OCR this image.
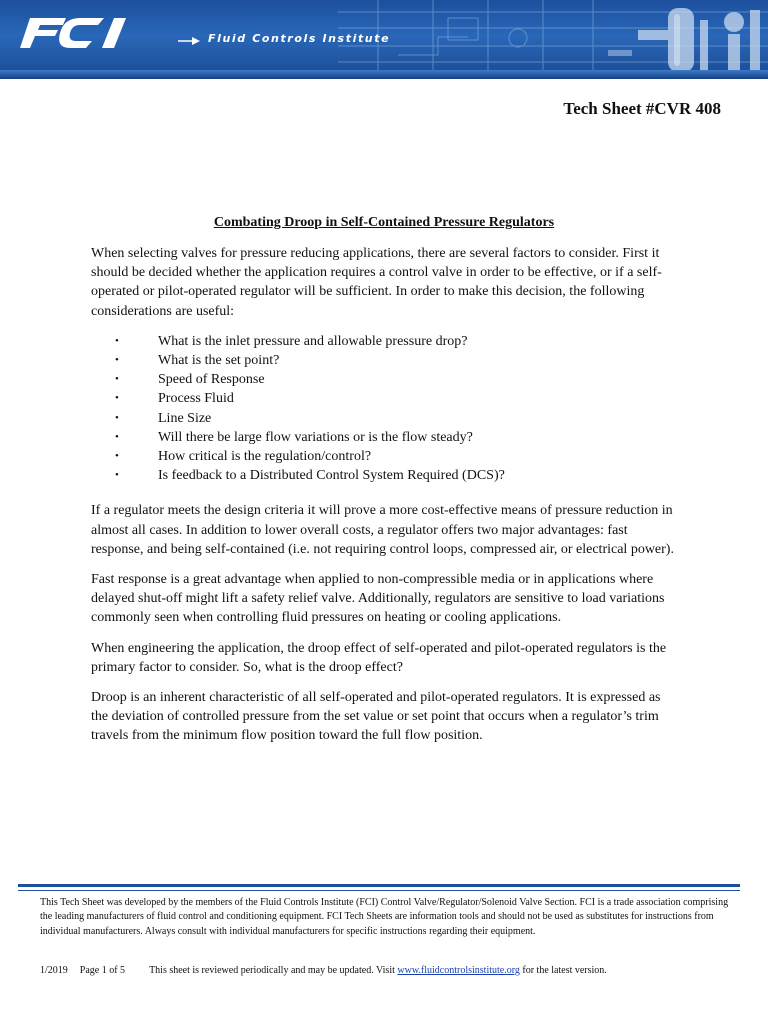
Fluid Controls Institute
Tech Sheet #CVR 408
Combating Droop in Self-Contained Pressure Regulators

When selecting valves for pressure reducing applications, there are several factors to consider. First it should be decided whether the application requires a control valve in order to be effective, or if a self-operated or pilot-operated regulator will be sufficient. In order to make this decision, the following considerations are useful:

•	What is the inlet pressure and allowable pressure drop?
•	What is the set point?
•	Speed of Response
•	Process Fluid
•	Line Size
•	Will there be large flow variations or is the flow steady?
•	How critical is the regulation/control?
•	Is feedback to a Distributed Control System Required (DCS)?

If a regulator meets the design criteria it will prove a more cost-effective means of pressure reduction in almost all cases. In addition to lower overall costs, a regulator offers two major advantages: fast response, and being self-contained (i.e. not requiring control loops, compressed air, or electrical power).

Fast response is a great advantage when applied to non-compressible media or in applications where delayed shut-off might lift a safety relief valve. Additionally, regulators are sensitive to load variations commonly seen when controlling fluid pressures on heating or cooling applications.

When engineering the application, the droop effect of self-operated and pilot-operated regulators is the primary factor to consider. So, what is the droop effect?

Droop is an inherent characteristic of all self-operated and pilot-operated regulators. It is expressed as the deviation of controlled pressure from the set value or set point that occurs when a regulator’s trim travels from the minimum flow position toward the full flow position.

This Tech Sheet was developed by the members of the Fluid Controls Institute (FCI) Control Valve/Regulator/Solenoid Valve Section. FCI is a trade association comprising the leading manufacturers of fluid control and conditioning equipment. FCI Tech Sheets are information tools and should not be used as substitutes for instructions from individual manufacturers. Always consult with individual manufacturers for specific instructions regarding their equipment.
1/2019 Page 1 of 5 This sheet is reviewed periodically and may be updated. Visit www.fluidcontrolsinstitute.org for the latest version.
